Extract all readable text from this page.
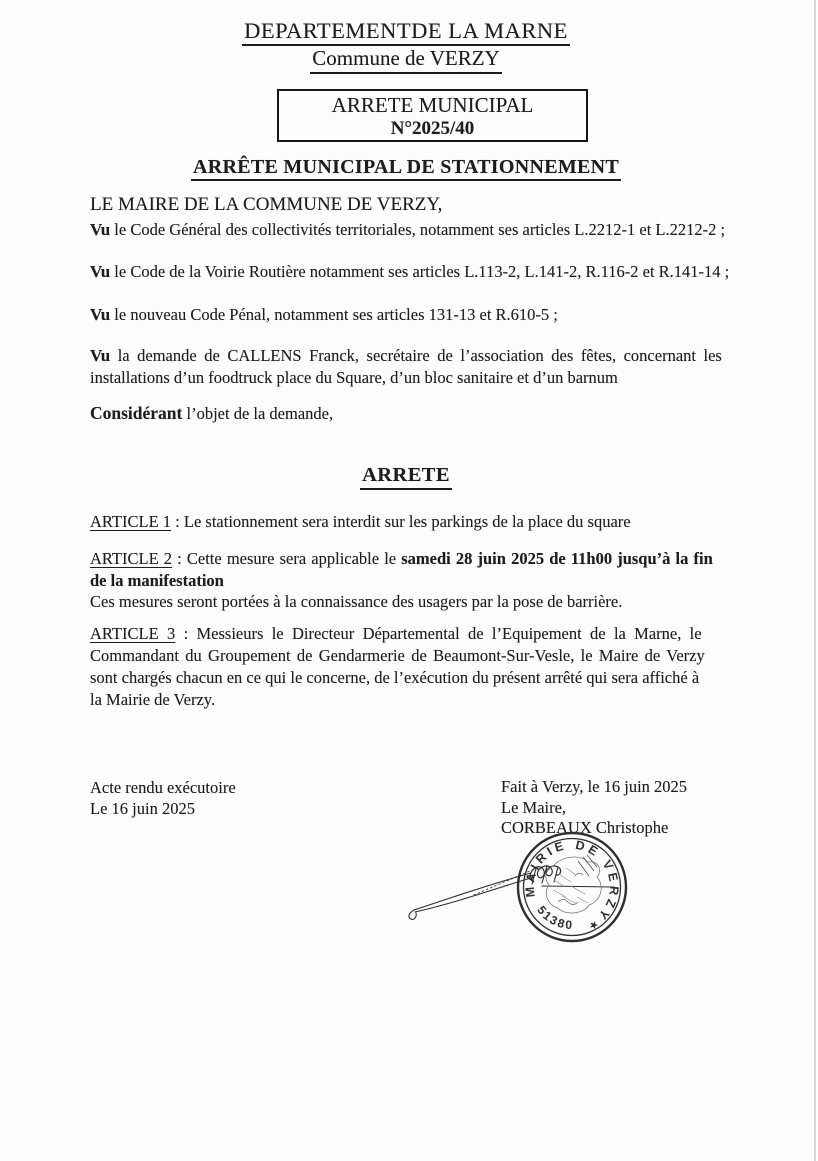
DEPARTEMENTDE LA MARNE
Commune de VERZY
ARRETE MUNICIPAL
N°2025/40
ARRÊTE MUNICIPAL DE STATIONNEMENT
LE MAIRE DE LA COMMUNE DE VERZY,
Vu le Code Général des collectivités territoriales, notamment ses articles L.2212-1 et L.2212-2 ;
Vu le Code de la Voirie Routière notamment ses articles L.113-2, L.141-2, R.116-2 et R.141-14 ;
Vu le nouveau Code Pénal, notamment ses articles 131-13 et R.610-5 ;
Vu la demande de CALLENS Franck, secrétaire de l’association des fêtes, concernant les
installations d’un foodtruck place du Square, d’un bloc sanitaire et d’un barnum
Considérant l’objet de la demande,
ARRETE
ARTICLE 1 : Le stationnement sera interdit sur les parkings de la place du square
ARTICLE 2 : Cette mesure sera applicable le samedi 28 juin 2025 de 11h00 jusqu’à la fin
de la manifestation
Ces mesures seront portées à la connaissance des usagers par la pose de barrière.
ARTICLE 3 : Messieurs le Directeur Départemental de l’Equipement de la Marne, le
Commandant du Groupement de Gendarmerie de Beaumont-Sur-Vesle, le Maire de Verzy
sont chargés chacun en ce qui le concerne, de l’exécution du présent arrêté qui sera affiché à
la Mairie de Verzy.
Acte rendu exécutoire
Le 16 juin 2025
Fait à Verzy, le 16 juin 2025
Le Maire,
CORBEAUX Christophe
MAIRIE DE VERZY
51380 ★
